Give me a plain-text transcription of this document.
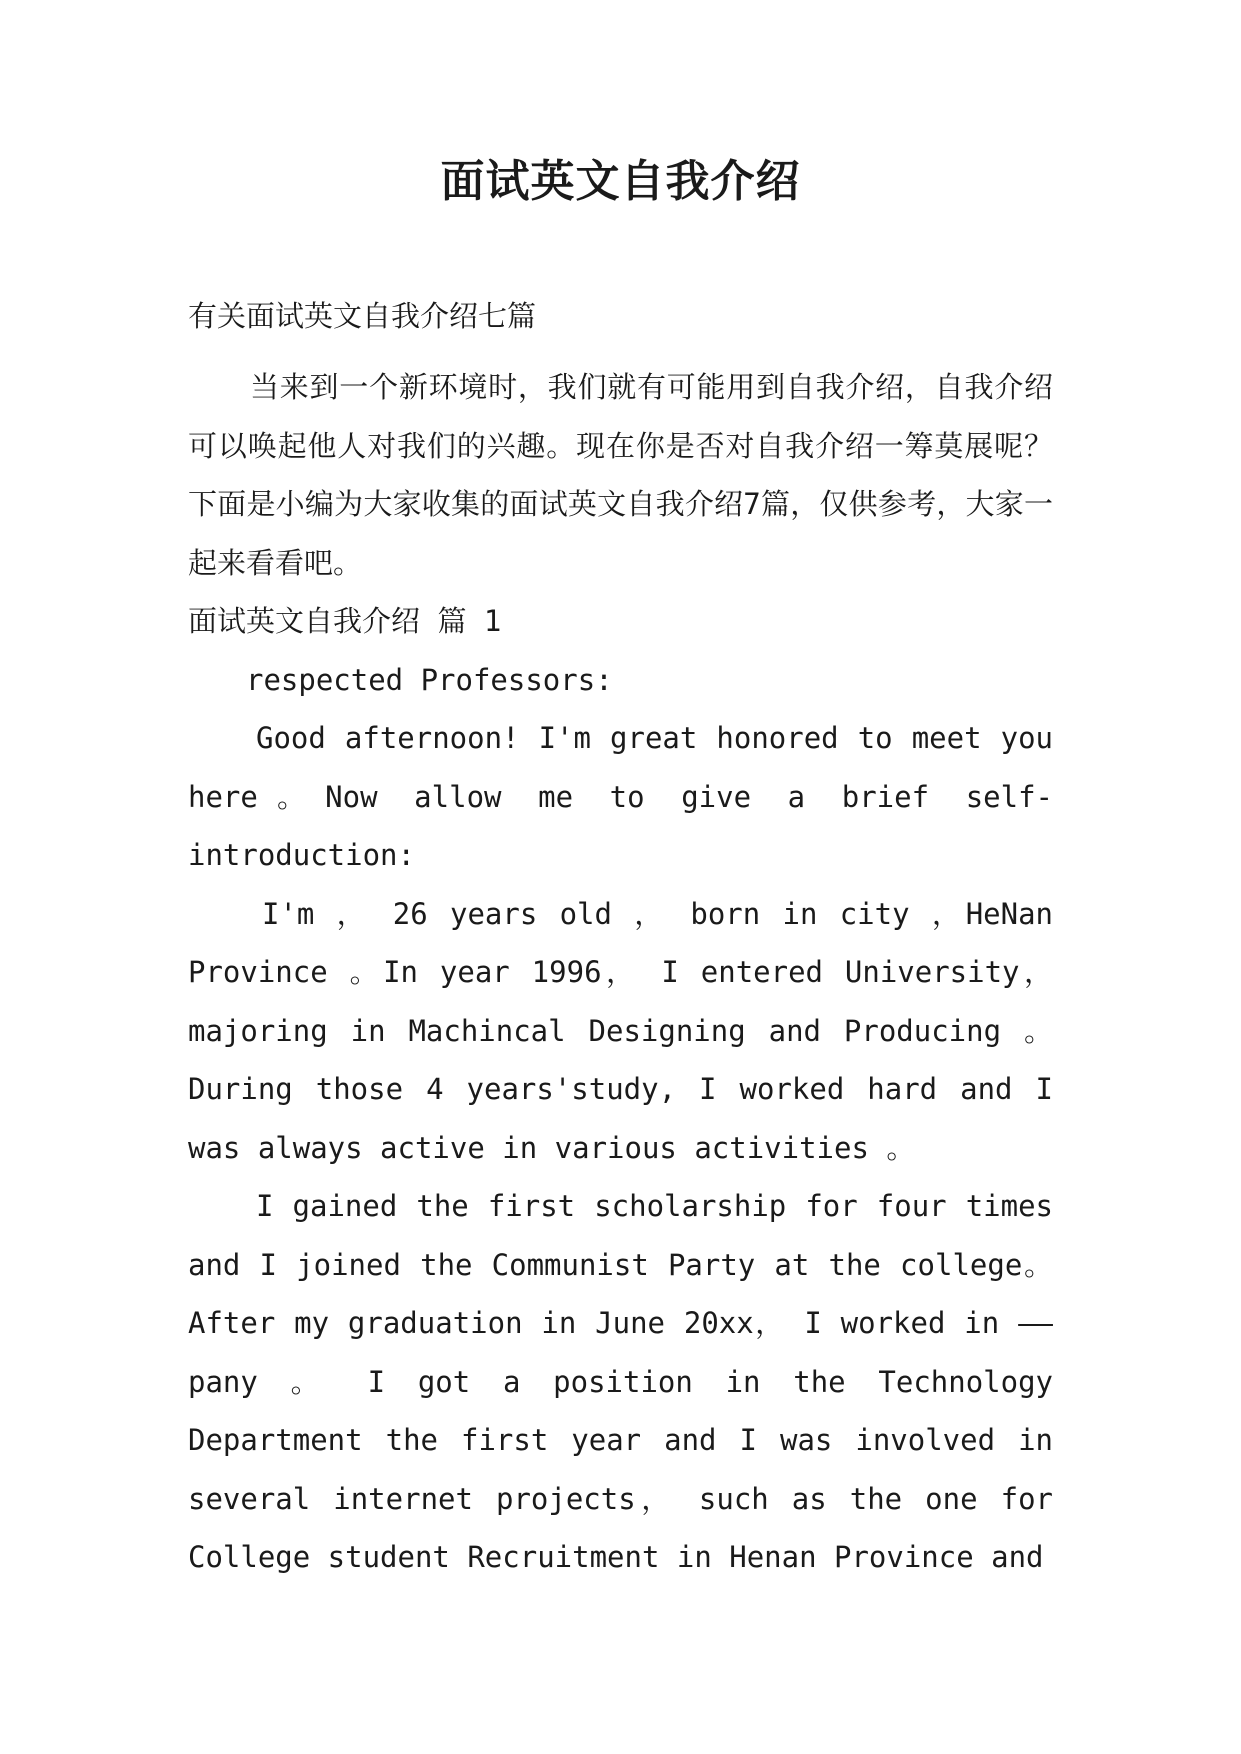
面试英文自我介绍

有关面试英文自我介绍七篇

当来到一个新环境时，我们就有可能用到自我介绍，自我介绍可以唤起他人对我们的兴趣。现在你是否对自我介绍一筹莫展呢？下面是小编为大家收集的面试英文自我介绍7篇，仅供参考，大家一起来看看吧。

面试英文自我介绍 篇 1

respected Professors:

Good afternoon! I'm great honored to meet you here。Now allow me to give a brief self-introduction:

I'm ， 26 years old ， born in city ，HeNan Province 。In year 1996， I entered University， majoring in Machincal Designing and Producing 。During those 4 years'study, I worked hard and I was always active in various activities 。

I gained the first scholarship for four times and I joined the Communist Party at the college。After my graduation in June 20xx， I worked in ——pany 。 I got a position in the Technology Department the first year and I was involved in several internet projects， such as the one for College student Recruitment in Henan Province and
